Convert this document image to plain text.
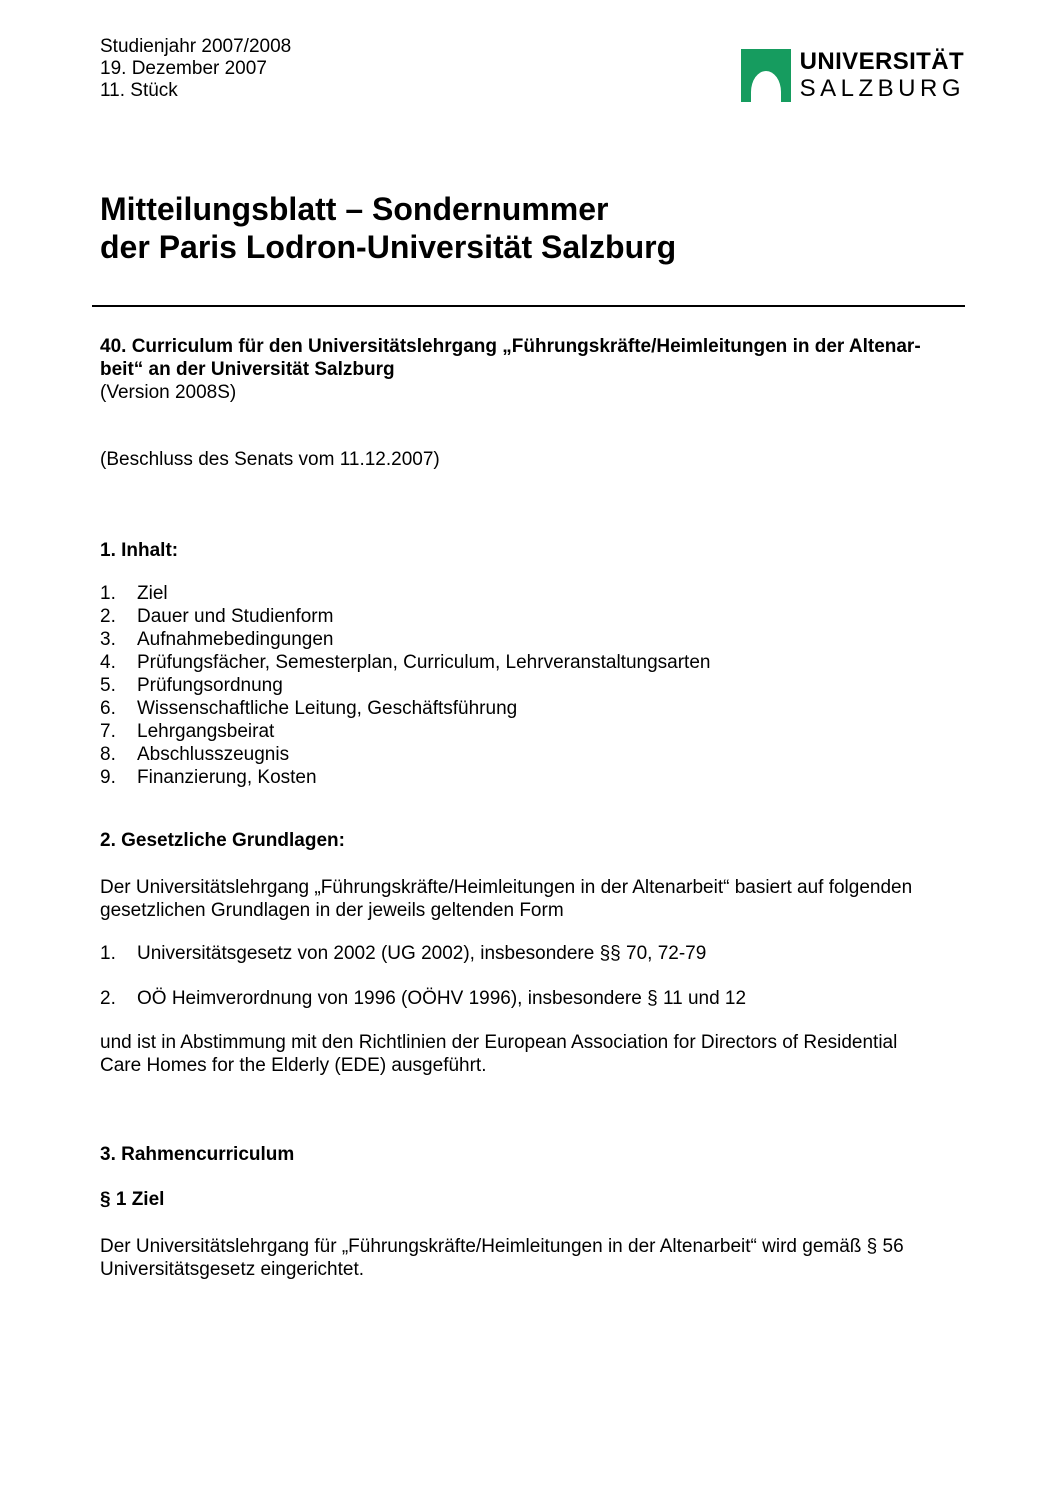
Studienjahr 2007/2008
19. Dezember 2007
11. Stück
UNIVERSITÄT
SALZBURG
Mitteilungsblatt – Sondernummer
der Paris Lodron-Universität Salzburg
40. Curriculum für den Universitätslehrgang „Führungskräfte/Heimleitungen in der Altenar-
beit“ an der Universität Salzburg
(Version 2008S)
(Beschluss des Senats vom 11.12.2007)
1. Inhalt:
1.	Ziel
2.	Dauer und Studienform
3.	Aufnahmebedingungen
4.	Prüfungsfächer, Semesterplan, Curriculum, Lehrveranstaltungsarten
5.	Prüfungsordnung
6.	Wissenschaftliche Leitung, Geschäftsführung
7.	Lehrgangsbeirat
8.	Abschlusszeugnis
9.	Finanzierung, Kosten
2. Gesetzliche Grundlagen:
Der Universitätslehrgang „Führungskräfte/Heimleitungen in der Altenarbeit“ basiert auf folgenden
gesetzlichen Grundlagen in der jeweils geltenden Form
1.	Universitätsgesetz von 2002 (UG 2002), insbesondere §§ 70, 72-79
2.	OÖ Heimverordnung von 1996 (OÖHV 1996), insbesondere § 11 und 12
und ist in Abstimmung mit den Richtlinien der European Association for Directors of Residential
Care Homes for the Elderly (EDE) ausgeführt.
3. Rahmencurriculum
§ 1 Ziel
Der Universitätslehrgang für „Führungskräfte/Heimleitungen in der Altenarbeit“ wird gemäß § 56
Universitätsgesetz eingerichtet.
